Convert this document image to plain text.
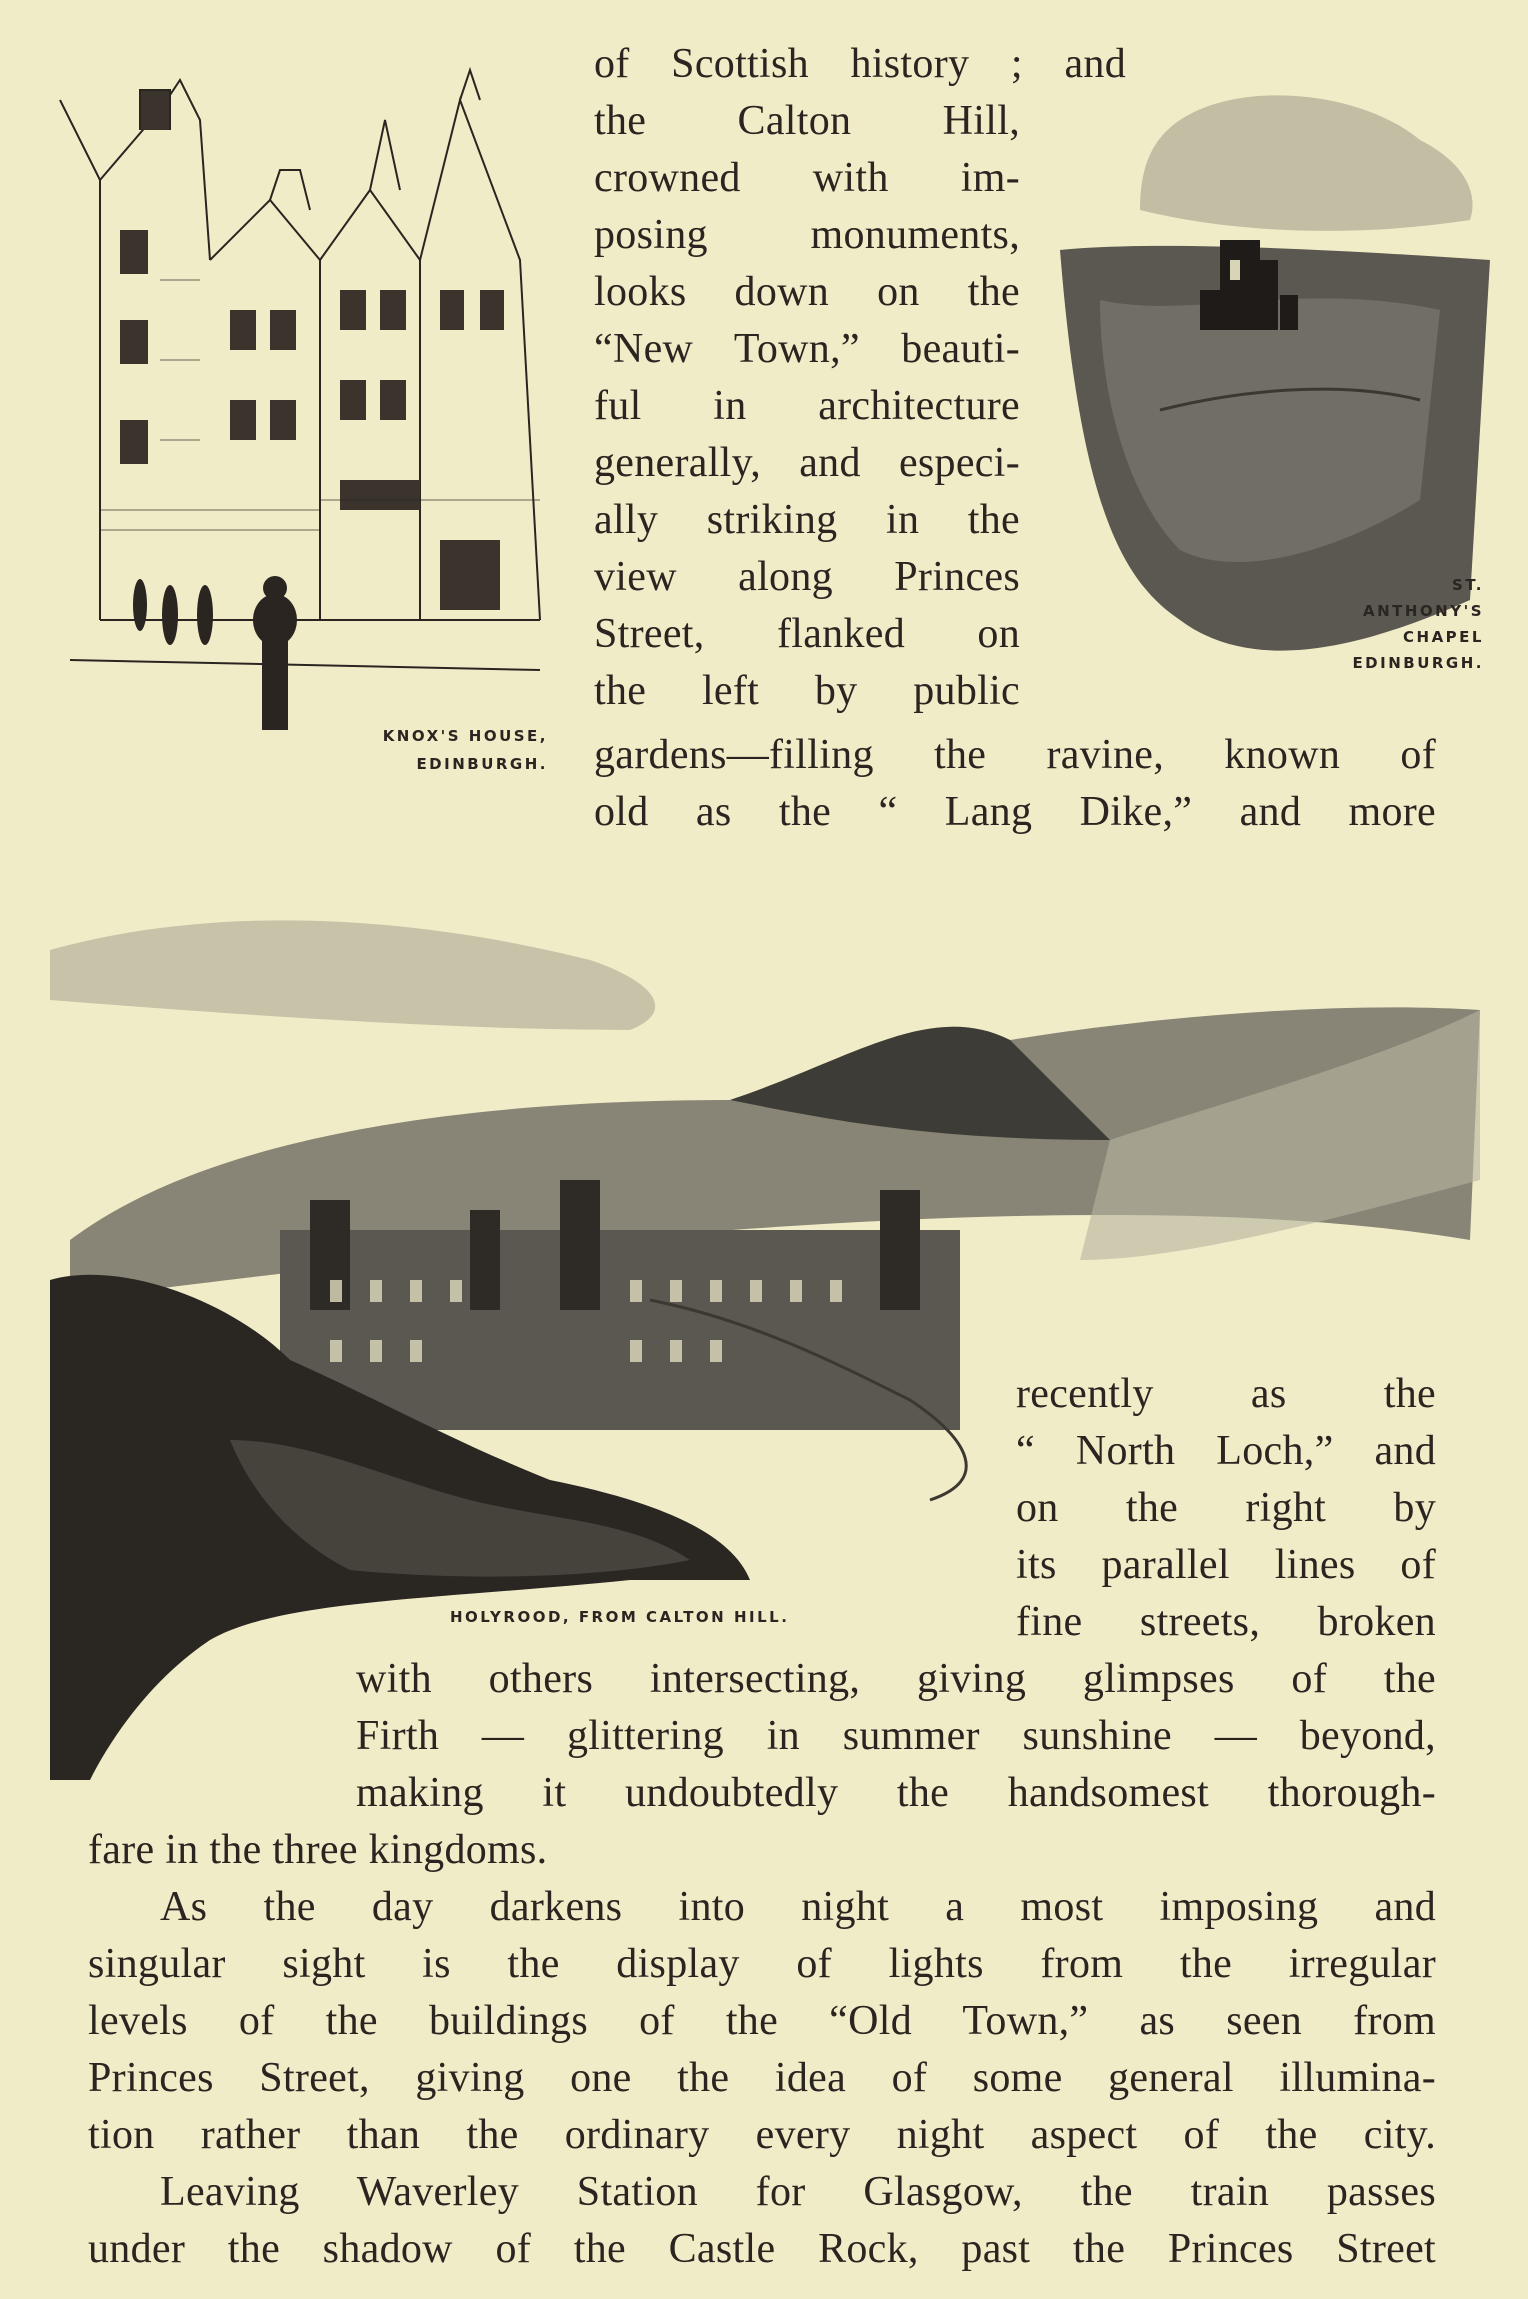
KNOX'S HOUSE,
EDINBURGH.
ST.
ANTHONY'S
CHAPEL
EDINBURGH.
HOLYROOD, FROM CALTON HILL.
of Scottish history ; and
the Calton Hill,
crowned with im-
posing monuments,
looks down on the
“New Town,” beauti-
ful in architecture
generally, and especi-
ally striking in the
view along Princes
Street, flanked on
the left by public
gardens—filling the ravine, known of
old as the “ Lang Dike,” and more
recently as the
“ North Loch,” and
on the right by
its parallel lines of
fine streets, broken
with others intersecting, giving glimpses of the
Firth — glittering in summer sunshine — beyond,
making it undoubtedly the handsomest thorough-
fare in the three kingdoms.
As the day darkens into night a most imposing and
singular sight is the display of lights from the irregular
levels of the buildings of the “Old Town,” as seen from
Princes Street, giving one the idea of some general illumina-
tion rather than the ordinary every night aspect of the city.
Leaving Waverley Station for Glasgow, the train passes
under the shadow of the Castle Rock, past the Princes Street
